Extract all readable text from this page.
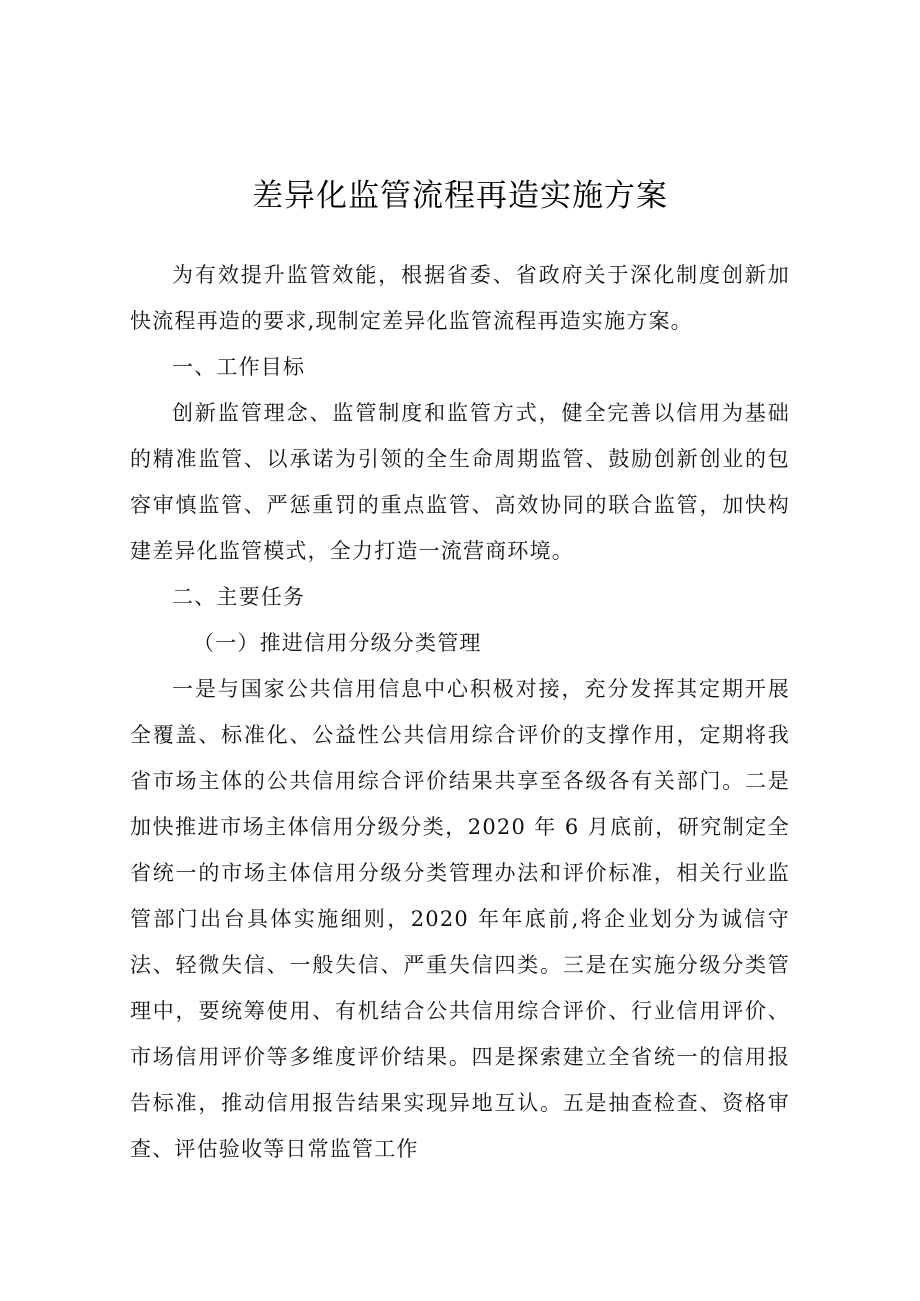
差异化监管流程再造实施方案

为有效提升监管效能，根据省委、省政府关于深化制度创新加快流程再造的要求,现制定差异化监管流程再造实施方案。

一、工作目标

创新监管理念、监管制度和监管方式，健全完善以信用为基础的精准监管、以承诺为引领的全生命周期监管、鼓励创新创业的包容审慎监管、严惩重罚的重点监管、高效协同的联合监管，加快构建差异化监管模式，全力打造一流营商环境。

二、主要任务

（一）推进信用分级分类管理

一是与国家公共信用信息中心积极对接，充分发挥其定期开展全覆盖、标准化、公益性公共信用综合评价的支撑作用，定期将我省市场主体的公共信用综合评价结果共享至各级各有关部门。二是加快推进市场主体信用分级分类，2020 年 6 月底前，研究制定全省统一的市场主体信用分级分类管理办法和评价标准，相关行业监管部门出台具体实施细则，2020 年年底前,将企业划分为诚信守法、轻微失信、一般失信、严重失信四类。三是在实施分级分类管理中，要统筹使用、有机结合公共信用综合评价、行业信用评价、市场信用评价等多维度评价结果。四是探索建立全省统一的信用报告标准，推动信用报告结果实现异地互认。五是抽查检查、资格审查、评估验收等日常监管工作
